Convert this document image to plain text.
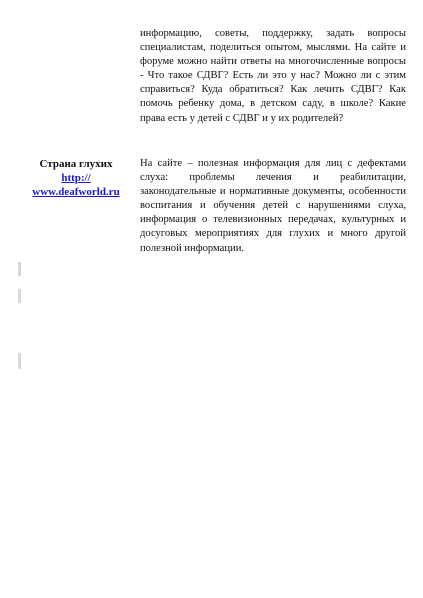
информацию, советы, поддержку, задать вопросы специалистам, поделиться опытом, мыслями. На сайте и форуме можно найти ответы на многочисленные вопросы - Что такое СДВГ? Есть ли это у нас? Можно ли с этим справиться? Куда обратиться? Как лечить СДВГ? Как помочь ребенку дома, в детском саду, в школе? Какие права есть у детей с СДВГ и у их родителей?

Страна глухих
http://
www.deafworld.ru

На сайте – полезная информация для лиц с дефектами слуха: проблемы лечения и реабилитации, законодательные и нормативные документы, особенности воспитания и обучения детей с нарушениями слуха, информация о телевизионных передачах, культурных и досуговых мероприятиях для глухих и много другой полезной информации.
